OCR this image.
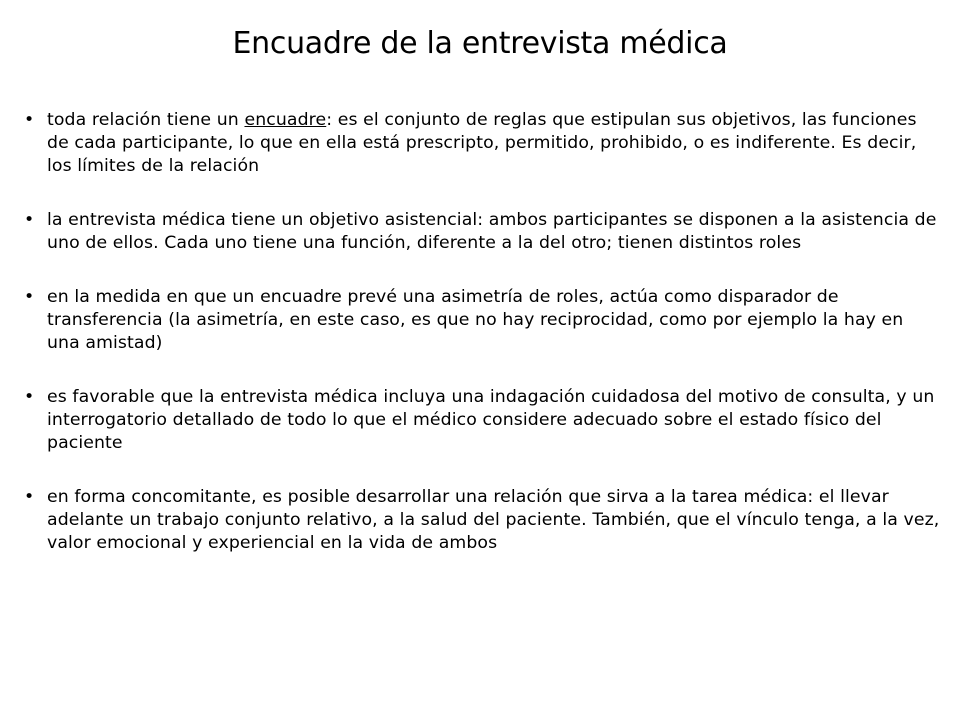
Encuadre de la entrevista médica
• toda relación tiene un encuadre: es el conjunto de reglas que estipulan sus objetivos, las funciones de cada participante, lo que en ella está prescripto, permitido, prohibido, o es indiferente. Es decir, los límites de la relación
• la entrevista médica tiene un objetivo asistencial: ambos participantes se disponen a la asistencia de uno de ellos. Cada uno tiene una función, diferente a la del otro; tienen distintos roles
• en la medida en que un encuadre prevé una asimetría de roles, actúa como disparador de transferencia (la asimetría, en este caso, es que no hay reciprocidad, como por ejemplo la hay en una amistad)
• es favorable que la entrevista médica incluya una indagación cuidadosa del motivo de consulta, y un interrogatorio detallado de todo lo que el médico considere adecuado sobre el estado físico del paciente
• en forma concomitante, es posible desarrollar una relación que sirva a la tarea médica: el llevar adelante un trabajo conjunto relativo, a la salud del paciente. También, que el vínculo tenga, a la vez, valor emocional y experiencial en la vida de ambos
